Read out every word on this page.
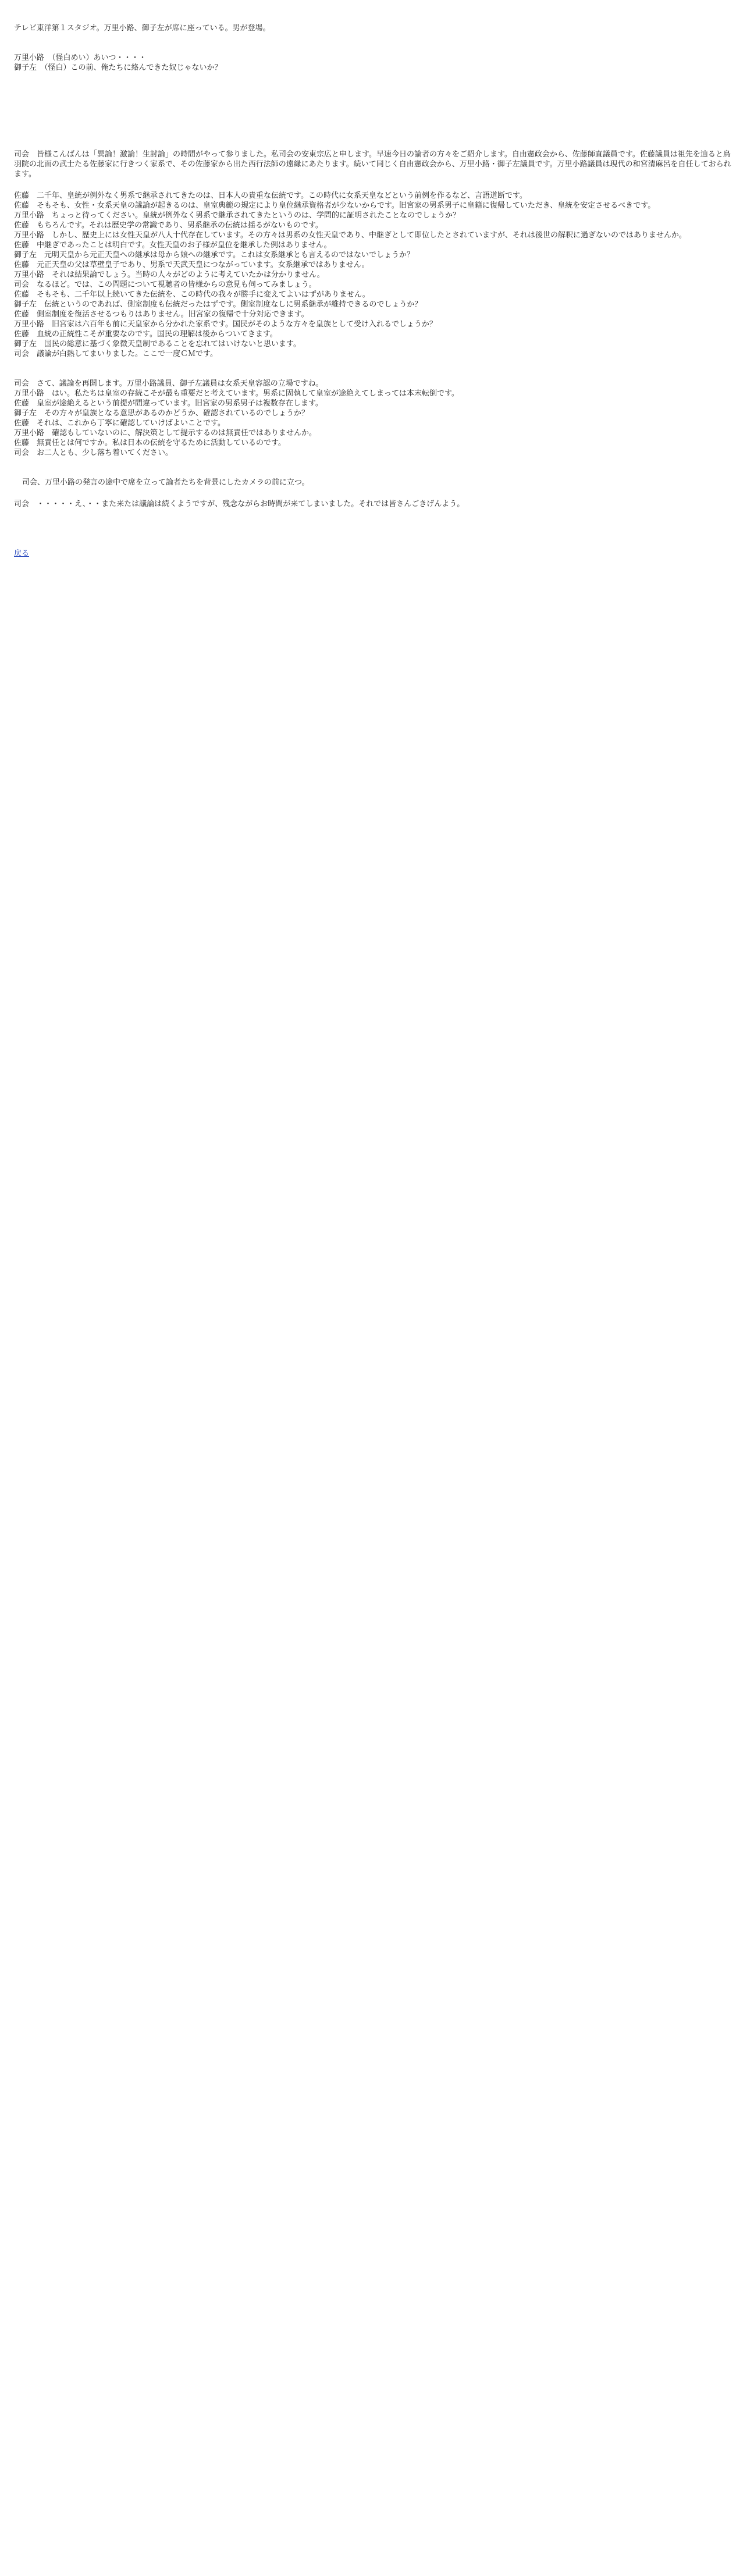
テレビ東洋第１スタジオ。万里小路、御子左が席に座っている。男が登場。

万里小路　（怪白めい）あいつ・・・・

御子左　（怪白）この前、俺たちに絡んできた奴じゃないか？

司会　皆様こんばんは「異論！激論！生討論」の時間がやって参りました。私司会の安東宗広と申します。早速今日の論者の方々をご紹介します。自由憲政会から、佐藤師直議員です。佐藤議員は祖先を辿ると鳥羽院の北面の武士たる佐藤家に行きつく家系で、その佐藤家から出た西行法師の遠縁にあたります。続いて同じく自由憲政会から、万里小路・御子左議員です。万里小路議員は現代の和宮清麻呂を自任しておられます。

佐藤　二千年、皇統が例外なく男系で継承されてきたのは、日本人の貴重な伝統です。この時代に女系天皇などという前例を作るなど、言語道断です。

佐藤　そもそも、女性・女系天皇の議論が起きるのは、皇室典範の規定により皇位継承資格者が少ないからです。旧宮家の男系男子に皇籍に復帰していただき、皇統を安定させるべきです。

万里小路　ちょっと待ってください。皇統が例外なく男系で継承されてきたというのは、学問的に証明されたことなのでしょうか？

佐藤　もちろんです。それは歴史学の常識であり、男系継承の伝統は揺るがないものです。

万里小路　しかし、歴史上には女性天皇が八人十代存在しています。その方々は男系の女性天皇であり、中継ぎとして即位したとされていますが、それは後世の解釈に過ぎないのではありませんか。

佐藤　中継ぎであったことは明白です。女性天皇のお子様が皇位を継承した例はありません。

御子左　元明天皇から元正天皇への継承は母から娘への継承です。これは女系継承とも言えるのではないでしょうか？

佐藤　元正天皇の父は草壁皇子であり、男系で天武天皇につながっています。女系継承ではありません。

万里小路　それは結果論でしょう。当時の人々がどのように考えていたかは分かりません。

司会　なるほど。では、この問題について視聴者の皆様からの意見も伺ってみましょう。

佐藤　そもそも、二千年以上続いてきた伝統を、この時代の我々が勝手に変えてよいはずがありません。

御子左　伝統というのであれば、側室制度も伝統だったはずです。側室制度なしに男系継承が維持できるのでしょうか？

佐藤　側室制度を復活させるつもりはありません。旧宮家の復帰で十分対応できます。

万里小路　旧宮家は六百年も前に天皇家から分かれた家系です。国民がそのような方々を皇族として受け入れるでしょうか？

佐藤　血統の正統性こそが重要なのです。国民の理解は後からついてきます。

御子左　国民の総意に基づく象徴天皇制であることを忘れてはいけないと思います。

司会　議論が白熱してまいりました。ここで一度ＣＭです。

司会　さて、議論を再開します。万里小路議員、御子左議員は女系天皇容認の立場ですね。

万里小路　はい。私たちは皇室の存続こそが最も重要だと考えています。男系に固執して皇室が途絶えてしまっては本末転倒です。

佐藤　皇室が途絶えるという前提が間違っています。旧宮家の男系男子は複数存在します。

御子左　その方々が皇族となる意思があるのかどうか、確認されているのでしょうか？

佐藤　それは、これから丁寧に確認していけばよいことです。

万里小路　確認もしていないのに、解決策として提示するのは無責任ではありませんか。

佐藤　無責任とは何ですか。私は日本の伝統を守るために活動しているのです。

司会　お二人とも、少し落ち着いてください。

司会、万里小路の発言の途中で席を立って論者たちを背景にしたカメラの前に立つ。

司会　・・・・・え、・・また来たは議論は続くようですが、残念ながらお時間が来てしまいました。それでは皆さんごきげんよう。

戻る
